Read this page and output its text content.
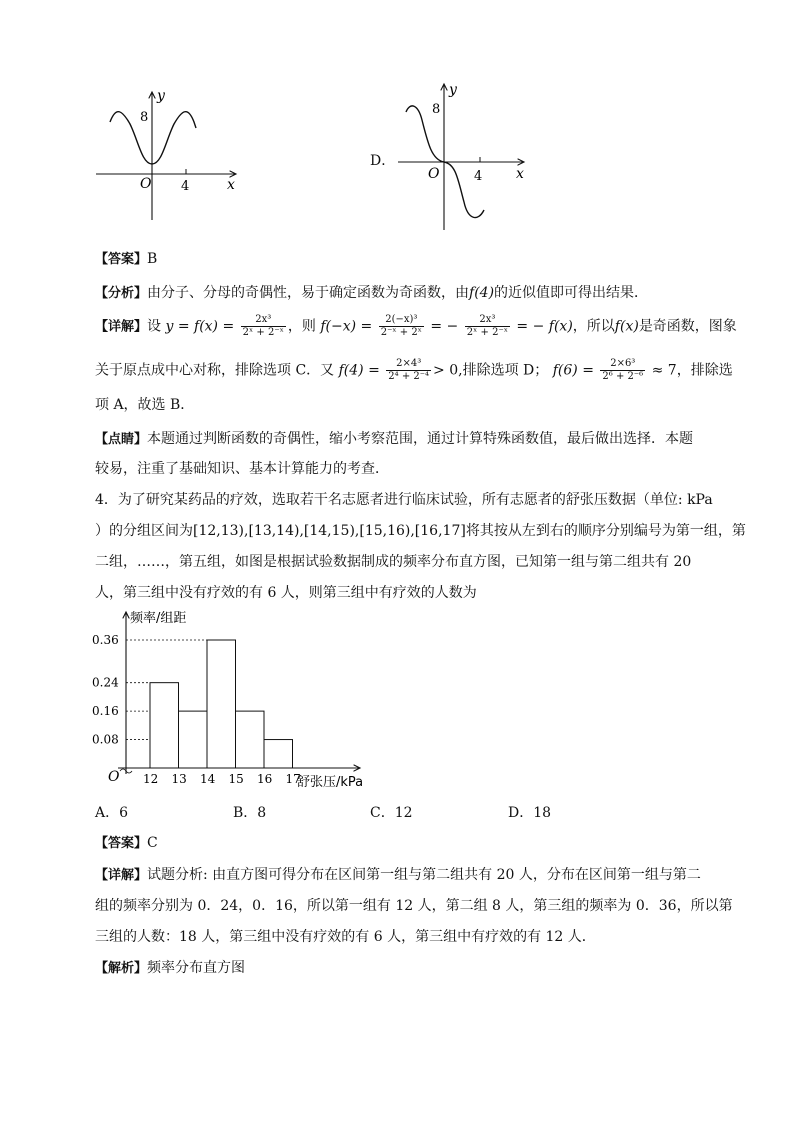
y
8
O 4	x
D．
y
8
O	4 x
【答案】B
【分析】由分子、分母的奇偶性，易于确定函数为奇函数，由f(4)的近似值即可得出结果．
【详解】设 $y = f(x) = \frac{\text{2x³}}{\text{2ˣ + 2⁻ˣ}}$ ，则 $f(-x) = \frac{\text{2(−x)³}}{\text{2⁻ˣ + 2ˣ}}$ = − $\frac{\text{2x³}}{\text{2ˣ + 2⁻ˣ}}$ = − f(x)，所以f(x)是奇函数，图象
关于原点成中心对称，排除选项 C．又 $f(4) = \frac{\text{2×4³}}{\text{2⁴ + 2⁻⁴}} > 0$,排除选项 D； $f(6) = \frac{\text{2×6³}}{\text{2⁶ + 2⁻⁶}} \approx 7$，排除选
项 A，故选 B．
【点睛】本题通过判断函数的奇偶性，缩小考察范围，通过计算特殊函数值，最后做出选择．本题
较易，注重了基础知识、基本计算能力的考查．
4．为了研究某药品的疗效，选取若干名志愿者进行临床试验，所有志愿者的舒张压数据（单位: kPa
）的分组区间为[12,13),[13,14),[14,15),[15,16),[16,17]将其按从左到右的顺序分别编号为第一组，第
二组，……，第五组，如图是根据试验数据制成的频率分布直方图，已知第一组与第二组共有 20
人，第三组中没有疗效的有 6 人，则第三组中有疗效的人数为
0.36
0.24
0.16
0.08
12 13 14 15 16 17
频率/组距
舒张压/kPa
O
A．6	B．8	C．12	D．18
【答案】C
【详解】试题分析: 由直方图可得分布在区间第一组与第二组共有 20 人，分布在区间第一组与第二
组的频率分别为 0．24，0．16，所以第一组有 12 人，第二组 8 人，第三组的频率为 0．36，所以第
三组的人数：18 人，第三组中没有疗效的有 6 人，第三组中有疗效的有 12 人．
【解析】频率分布直方图
